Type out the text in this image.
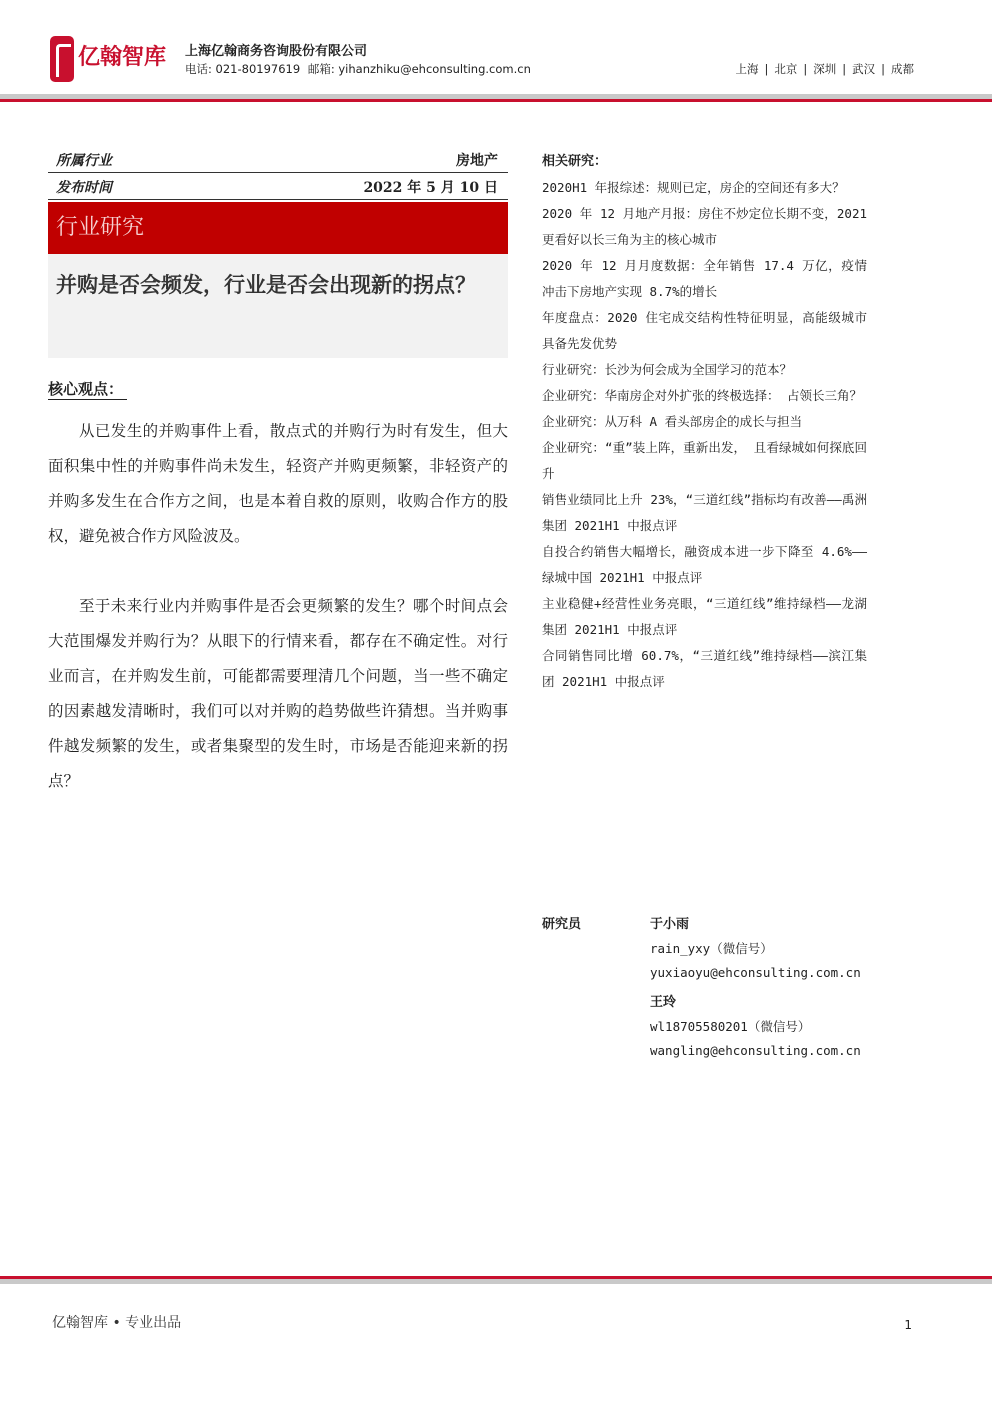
亿翰智库 上海亿翰商务咨询股份有限公司
电话: 021-80197619 邮箱: yihanzhiku@ehconsulting.com.cn	上海 | 北京 | 深圳 | 武汉 | 成都
所属行业	房地产
发布时间	2022 年 5 月 10 日
行业研究
并购是否会频发，行业是否会出现新的拐点？
核心观点：
从已发生的并购事件上看，散点式的并购行为时有发生，但大面积集中性的并购事件尚未发生，轻资产并购更频繁，非轻资产的并购多发生在合作方之间，也是本着自救的原则，收购合作方的股权，避免被合作方风险波及。
至于未来行业内并购事件是否会更频繁的发生？哪个时间点会大范围爆发并购行为？从眼下的行情来看，都存在不确定性。对行业而言，在并购发生前，可能都需要理清几个问题，当一些不确定的因素越发清晰时，我们可以对并购的趋势做些许猜想。当并购事件越发频繁的发生，或者集聚型的发生时，市场是否能迎来新的拐点？
相关研究：
2020H1 年报综述：规则已定，房企的空间还有多大？
2020 年 12 月地产月报：房住不炒定位长期不变，2021 更看好以长三角为主的核心城市
2020 年 12 月月度数据：全年销售 17.4 万亿，疫情冲击下房地产实现 8.7%的增长
年度盘点：2020 住宅成交结构性特征明显，高能级城市具备先发优势
行业研究：长沙为何会成为全国学习的范本？
企业研究：华南房企对外扩张的终极选择： 占领长三角？
企业研究：从万科 A 看头部房企的成长与担当
企业研究：“重”装上阵，重新出发， 且看绿城如何探底回升
销售业绩同比上升 23%，“三道红线”指标均有改善——禹洲集团 2021H1 中报点评
自投合约销售大幅增长，融资成本进一步下降至 4.6%——绿城中国 2021H1 中报点评
主业稳健+经营性业务亮眼，“三道红线”维持绿档——龙湖集团 2021H1 中报点评
合同销售同比增 60.7%，“三道红线”维持绿档——滨江集团 2021H1 中报点评
研究员	于小雨
rain_yxy（微信号）
yuxiaoyu@ehconsulting.com.cn
王玲
wl18705580201（微信号）
wangling@ehconsulting.com.cn
亿翰智库 • 专业出品	1
